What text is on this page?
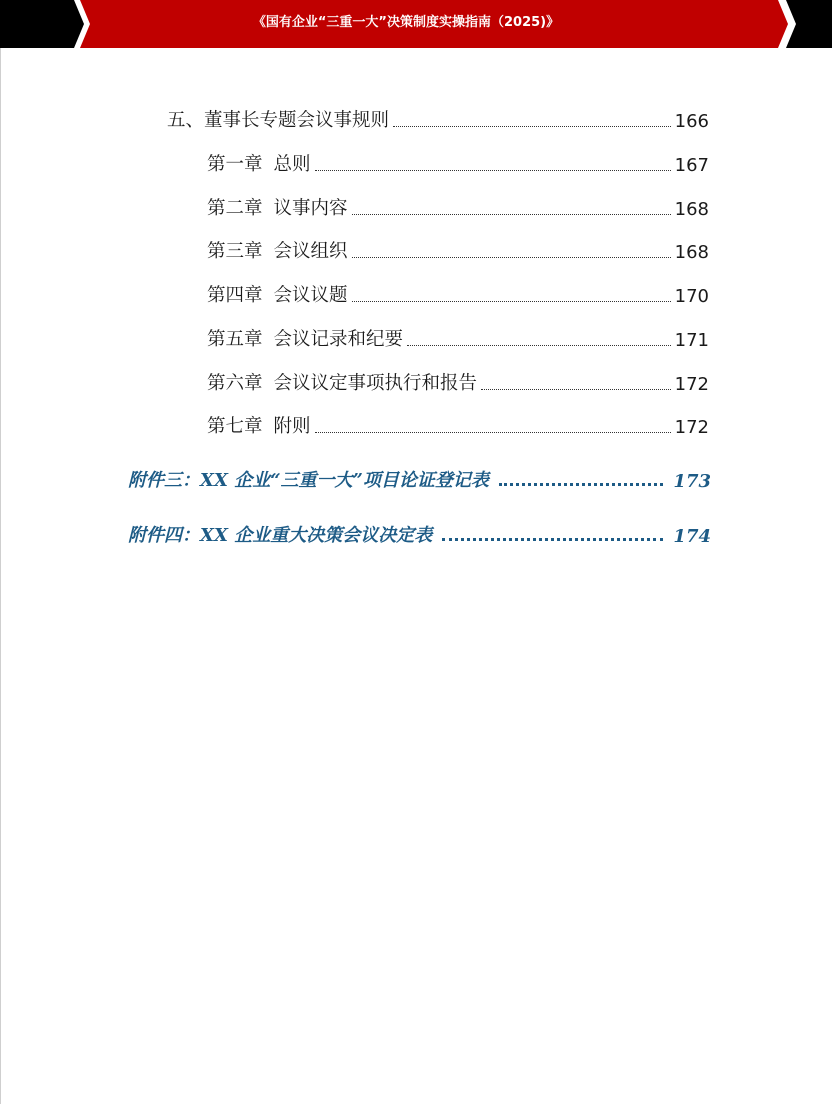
《国有企业“三重一大”决策制度实操指南（2025)》
五、董事长专题会议事规则	166
第一章 总则	167
第二章 议事内容	168
第三章 会议组织	168
第四章 会议议题	170
第五章 会议记录和纪要	171
第六章 会议议定事项执行和报告	172
第七章 附则	172
附件三：XX 企业“三重一大”项目论证登记表	173
附件四：XX 企业重大决策会议决定表	174
